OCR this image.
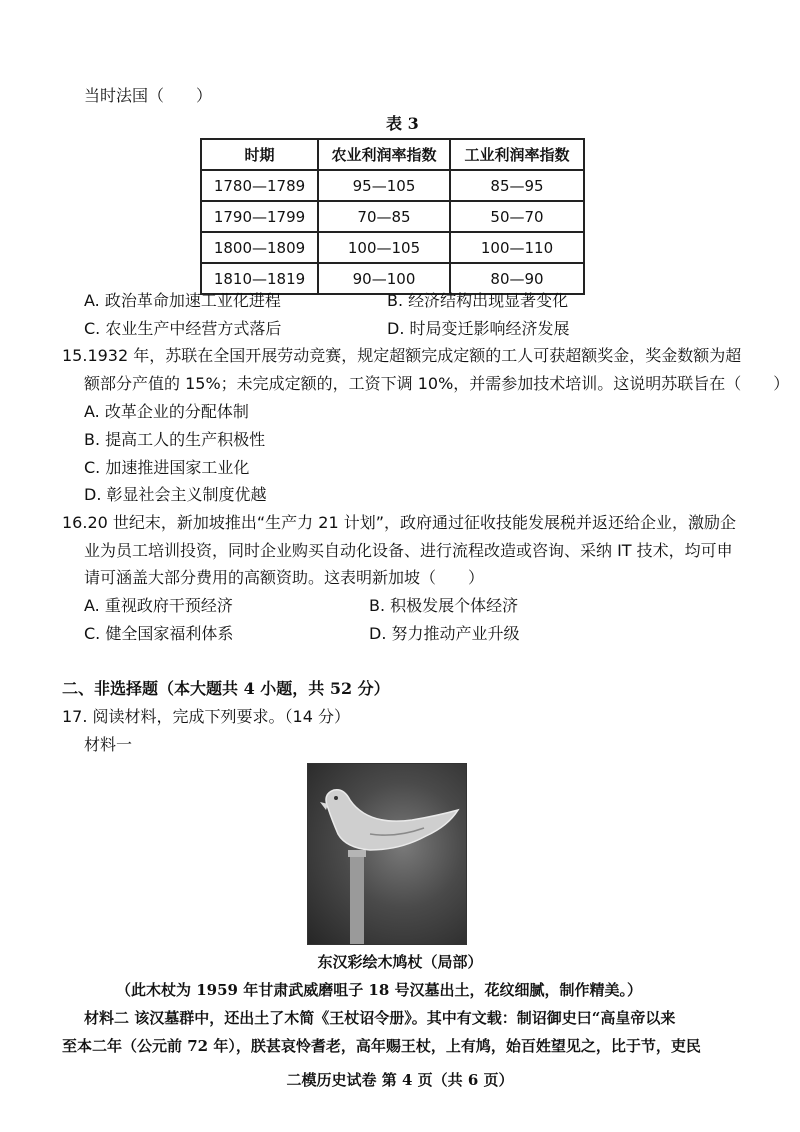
当时法国（　　）
表 3
时期	农业利润率指数	工业利润率指数
1780—1789	95—105	85—95
1790—1799	70—85	50—70
1800—1809	100—105	100—110
1810—1819	90—100	80—90
A. 政治革命加速工业化进程	B. 经济结构出现显著变化
C. 农业生产中经营方式落后	D. 时局变迁影响经济发展
15.1932 年，苏联在全国开展劳动竞赛，规定超额完成定额的工人可获超额奖金，奖金数额为超
额部分产值的 15%；未完成定额的，工资下调 10%，并需参加技术培训。这说明苏联旨在（　　）
A. 改革企业的分配体制
B. 提高工人的生产积极性
C. 加速推进国家工业化
D. 彰显社会主义制度优越
16.20 世纪末，新加坡推出“生产力 21 计划”，政府通过征收技能发展税并返还给企业，激励企
业为员工培训投资，同时企业购买自动化设备、进行流程改造或咨询、采纳 IT 技术，均可申
请可涵盖大部分费用的高额资助。这表明新加坡（　　）
A. 重视政府干预经济	B. 积极发展个体经济
C. 健全国家福利体系	D. 努力推动产业升级
二、非选择题（本大题共 4 小题，共 52 分）
17. 阅读材料，完成下列要求。（14 分）
材料一
东汉彩绘木鸠杖（局部）
（此木杖为 1959 年甘肃武威磨咀子 18 号汉墓出土，花纹细腻，制作精美。）
材料二 该汉墓群中，还出土了木简《王杖诏令册》。其中有文载：制诏御史曰“高皇帝以来
至本二年（公元前 72 年），朕甚哀怜耆老，高年赐王杖，上有鸠，始百姓望见之，比于节，吏民
二模历史试卷 第 4 页（共 6 页）
